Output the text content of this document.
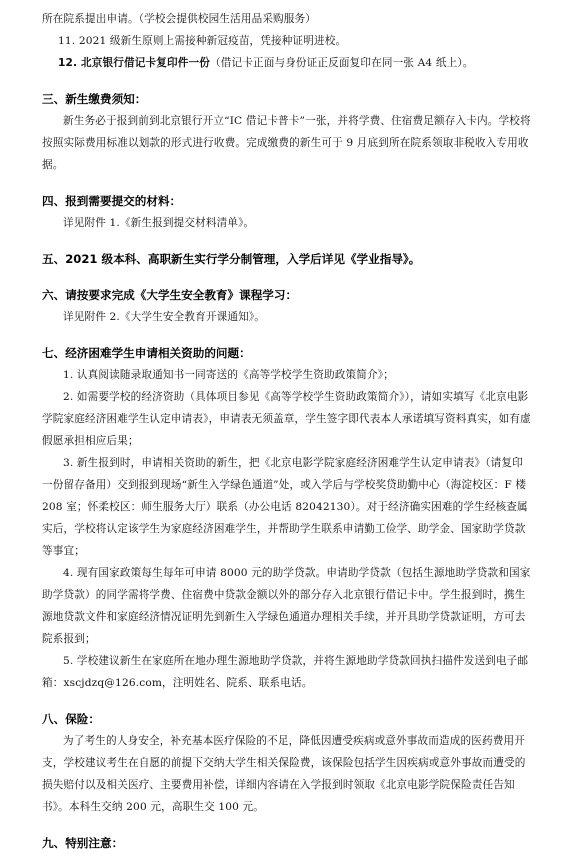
所在院系提出申请。（学校会提供校园生活用品采购服务）

11. 2021 级新生原则上需接种新冠疫苗，凭接种证明进校。

12. 北京银行借记卡复印件一份（借记卡正面与身份证正反面复印在同一张 A4 纸上）。

三、新生缴费须知：

新生务必于报到前到北京银行开立“IC 借记卡普卡”一张，并将学费、住宿费足额存入卡内。学校将按照实际费用标准以划款的形式进行收费。完成缴费的新生可于 9 月底到所在院系领取非税收入专用收据。

四、报到需要提交的材料：

详见附件 1.《新生报到提交材料清单》。

五、2021 级本科、高职新生实行学分制管理，入学后详见《学业指导》。
六、请按要求完成《大学生安全教育》课程学习：

详见附件 2.《大学生安全教育开课通知》。

七、经济困难学生申请相关资助的问题：

1. 认真阅读随录取通知书一同寄送的《高等学校学生资助政策简介》；

2. 如需要学校的经济资助（具体项目参见《高等学校学生资助政策简介》），请如实填写《北京电影学院家庭经济困难学生认定申请表》，申请表无须盖章，学生签字即代表本人承诺填写资料真实，如有虚假愿承担相应后果；

3. 新生报到时，申请相关资助的新生，把《北京电影学院家庭经济困难学生认定申请表》（请复印一份留存备用）交到报到现场“新生入学绿色通道”处，或入学后与学校奖贷助勤中心（海淀校区：F 楼 208 室；怀柔校区：师生服务大厅）联系（办公电话 82042130）。对于经济确实困难的学生经核查属实后，学校将认定该学生为家庭经济困难学生，并帮助学生联系申请勤工俭学、助学金、国家助学贷款等事宜；

4. 现有国家政策每生每年可申请 8000 元的助学贷款。申请助学贷款（包括生源地助学贷款和国家助学贷款）的同学需将学费、住宿费中贷款金额以外的部分存入北京银行借记卡中。学生报到时，携生源地贷款文件和家庭经济情况证明先到新生入学绿色通道办理相关手续，并开具助学贷款证明，方可去院系报到；

5. 学校建议新生在家庭所在地办理生源地助学贷款，并将生源地助学贷款回执扫描件发送到电子邮箱：xscjdzq@126.com，注明姓名、院系、联系电话。

八、保险：

为了考生的人身安全，补充基本医疗保险的不足，降低因遭受疾病或意外事故而造成的医药费用开支，学校建议考生在自愿的前提下交纳大学生相关保险费，该保险包括学生因疾病或意外事故而遭受的损失赔付以及相关医疗、主要费用补偿，详细内容请在入学报到时领取《北京电影学院保险责任告知书》。本科生交纳 200 元，高职生交 100 元。

九、特别注意：
